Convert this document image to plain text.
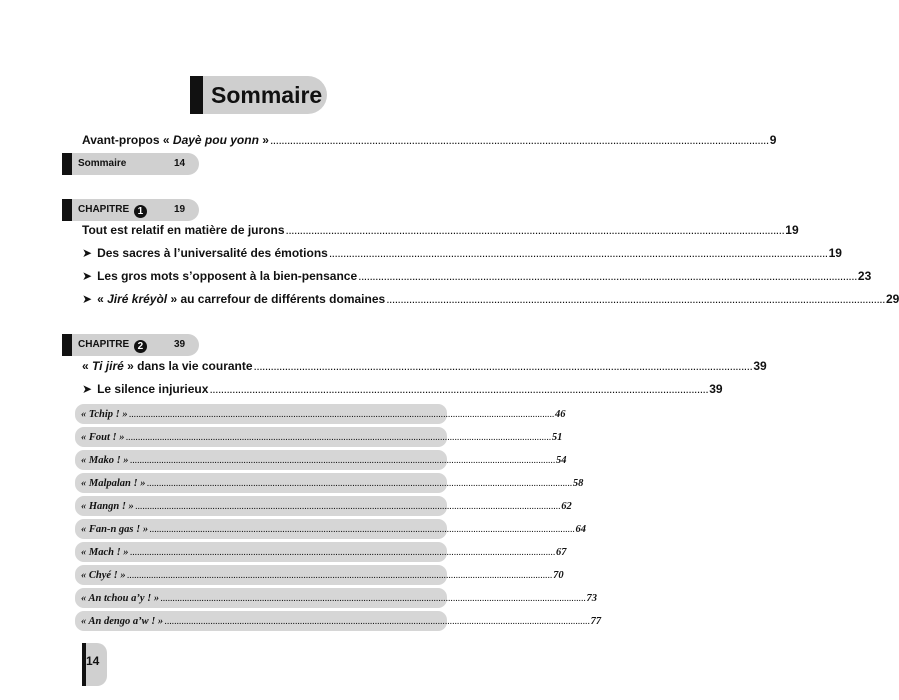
Sommaire
Avant-propos « Dayè pou yonn » ................................................................................................................................................................................ 9
Sommaire	14
CHAPITRE 1	19
Tout est relatif en matière de jurons ................................................................................................................................................................................ 19
➤ Des sacres à l’universalité des émotions ................................................................................................................................................................................ 19
➤ Les gros mots s’opposent à la bien-pensance ................................................................................................................................................................................ 23
➤ « Jiré kréyòl » au carrefour de différents domaines ................................................................................................................................................................................ 29
CHAPITRE 2	39
« Ti jiré » dans la vie courante ................................................................................................................................................................................ 39
➤ Le silence injurieux ................................................................................................................................................................................ 39
« Tchip ! » ................................................................................................................................................................................ 46
« Fout ! » ................................................................................................................................................................................ 51
« Mako ! » ................................................................................................................................................................................ 54
« Malpalan ! » ................................................................................................................................................................................ 58
« Hangn ! » ................................................................................................................................................................................ 62
« Fan-n gas ! » ................................................................................................................................................................................ 64
« Mach ! » ................................................................................................................................................................................ 67
« Chyé ! » ................................................................................................................................................................................ 70
« An tchou a’y ! » ................................................................................................................................................................................ 73
« An dengo a’w ! » ................................................................................................................................................................................ 77
14
